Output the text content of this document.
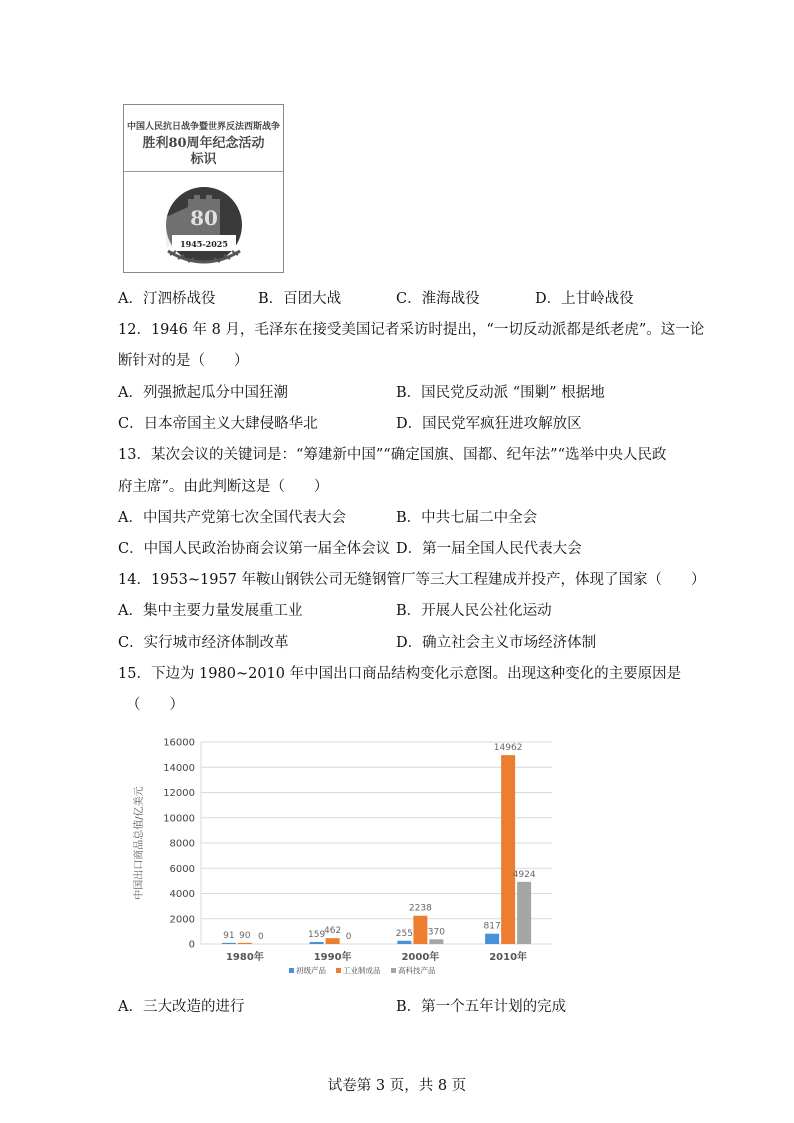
中国人民抗日战争暨世界反法西斯战争
胜利80周年纪念活动
标识
80
1945-2025
A．汀泗桥战役	B．百团大战	C．淮海战役	D．上甘岭战役
12．1946 年 8 月，毛泽东在接受美国记者采访时提出，“一切反动派都是纸老虎”。这一论
断针对的是（　　）
A．列强掀起瓜分中国狂潮	B．国民党反动派 “围剿” 根据地
C．日本帝国主义大肆侵略华北	D．国民党军疯狂进攻解放区
13．某次会议的关键词是：“筹建新中国”“确定国旗、国都、纪年法”“选举中央人民政
府主席”。由此判断这是（　　）
A．中国共产党第七次全国代表大会	B．中共七届二中全会
C．中国人民政治协商会议第一届全体会议 D．第一届全国人民代表大会
14．1953~1957 年鞍山钢铁公司无缝钢管厂等三大工程建成并投产，体现了国家（　　）
A．集中主要力量发展重工业	B．开展人民公社化运动
C．实行城市经济体制改革	D．确立社会主义市场经济体制
15．下边为 1980~2010 年中国出口商品结构变化示意图。出现这种变化的主要原因是
（　　）
0
2000
4000
6000
8000
10000
12000
14000
16000
91 90 0	159
462
0	255
2238
370
817
14962
4924
1980年	1990年	2000年	2010年
初级产品 工业制成品 高科技产品
中国出口商品总值/亿美元
A．三大改造的进行	B．第一个五年计划的完成
试卷第 3 页，共 8 页
